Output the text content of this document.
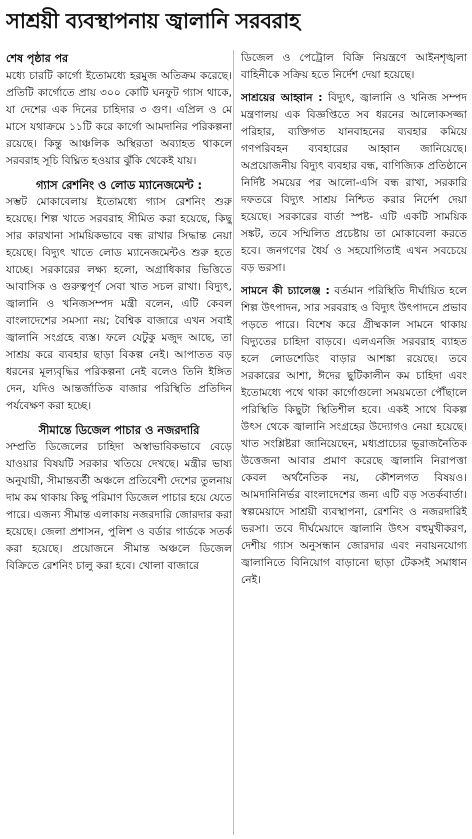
সাশ্রয়ী ব্যবস্থাপনায় জ্বালানি সরবরাহ

শেষ পৃষ্ঠার পর

মধ্যে চারটি কার্গো ইতোমধ্যে হরমুজ অতিক্রম করেছে। প্রতিটি কার্গোতে প্রায় ৩০০ কোটি ঘনফুট গ্যাস থাকে, যা দেশের এক দিনের চাহিদার ৩ গুণ। এপ্রিল ও মে মাসে যথাক্রমে ১১টি করে কার্গো আমদানির পরিকল্পনা রয়েছে। কিন্তু আঞ্চলিক অস্থিরতা অব্যাহত থাকলে সরবরাহ সূচি বিঘ্নিত হওয়ার ঝুঁকি থেকেই যায়।

গ্যাস রেশনিং ও লোড ম্যানেজমেন্ট :

সম্ভট মোকাবেলায় ইতোমধ্যে গ্যাস রেশনিং শুরু হয়েছে। শিল্প খাতে সরবরাহ সীমিত করা হয়েছে, কিছু সার কারখানা সাময়িকভাবে বন্ধ রাখার সিদ্ধান্ত নেয়া হয়েছে। বিদ্যুৎ খাতে লোড ম্যানেজমেন্টও শুরু হতে যাচ্ছে। সরকারের লক্ষ্য হলো, অগ্রাধিকার ভিত্তিতে আবাসিক ও গুরুত্বপূর্ণ সেবা খাত সচল রাখা। বিদ্যুৎ, জ্বালানি ও খনিজসম্পদ মন্ত্রী বলেন, এটি কেবল বাংলাদেশের সমস্যা নয়; বৈশ্বিক বাজারে এখন সবাই জ্বালানি সংগ্রহে ব্যস্ত। ফলে যেটুকু মজুদ আছে, তা সাশ্রয় করে ব্যবহার ছাড়া বিকল্প নেই। আপাতত বড় ধরনের মূল্যবৃদ্ধির পরিকল্পনা নেই বলেও তিনি ইঙ্গিত দেন, যদিও আন্তর্জাতিক বাজার পরিস্থিতি প্রতিদিন পর্যবেক্ষণ করা হচ্ছে।

সীমান্তে ডিজেল পাচার ও নজরদারি

সম্প্রতি ডিজেলের চাহিদা অস্বাভাবিকভাবে বেড়ে যাওয়ার বিষয়টি সরকার খতিয়ে দেখছে। মন্ত্রীর ভাষ্য অনুযায়ী, সীমান্তবর্তী অঞ্চলে প্রতিবেশী দেশের তুলনায় দাম কম থাকায় কিছু পরিমাণ ডিজেল পাচার হয়ে যেতে পারে। এজন্য সীমান্ত এলাকায় নজরদারি জোরদার করা হয়েছে। জেলা প্রশাসন, পুলিশ ও বর্ডার গার্ডকে সতর্ক করা হয়েছে। প্রয়োজনে সীমান্ত অঞ্চলে ডিজেল বিক্রিতে রেশনিং চালু করা হবে। খোলা বাজারে

ডিজেল ও পেট্রোল বিক্রি নিয়ন্ত্রণে আইনশৃঙ্খলা বাহিনীকে সক্রিয় হতে নির্দেশ দেয়া হয়েছে।

সাশ্রয়ের আহ্বান : বিদ্যুৎ, জ্বালানি ও খনিজ সম্পদ মন্ত্রণালয় এক বিজ্ঞপ্তিতে সব ধরনের আলোকসজ্জা পরিহার, ব্যক্তিগত যানবাহনের ব্যবহার কমিয়ে গণপরিবহন ব্যবহারের আহ্বান জানিয়েছে। অপ্রয়োজনীয় বিদ্যুৎ ব্যবহার বন্ধ, বাণিজ্যিক প্রতিষ্ঠানে নির্দিষ্ট সময়ের পর আলো-এসি বন্ধ রাখা, সরকারি দফতরে বিদ্যুৎ সাশ্রয় নিশ্চিত করার নির্দেশ দেয়া হয়েছে। সরকারের বার্তা স্পষ্ট- এটি একটি সাময়িক সঙ্কট, তবে সম্মিলিত প্রচেষ্টায় তা মোকাবেলা করতে হবে। জনগণের ধৈর্য ও সহযোগিতাই এখন সবচেয়ে বড় ভরসা।

সামনে কী চ্যালেঞ্জ : বর্তমান পরিস্থিতি দীর্ঘায়িত হলে শিল্প উৎপাদন, সার সরবরাহ ও বিদ্যুৎ উৎপাদনে প্রভাব পড়তে পারে। বিশেষ করে গ্রীষ্মকাল সামনে থাকায় বিদ্যুতের চাহিদা বাড়বে। এলএনজি সরবরাহ ব্যাহত হলে লোডশেডিং বাড়ার আশঙ্কা রয়েছে। তবে সরকারের আশা, ঈদের ছুটিকালীন কম চাহিদা এবং ইতোমধ্যে পথে থাকা কার্গোগুলো সময়মতো পৌঁছালে পরিস্থিতি কিছুটা স্থিতিশীল হবে। একই সাথে বিকল্প উৎস থেকে জ্বালানি সংগ্রহের উদ্যোগও নেয়া হয়েছে। খাত সংশ্লিষ্টরা জানিয়েছেন, মধ্যপ্রাচ্যের ভূরাজনৈতিক উত্তেজনা আবার প্রমাণ করেছে জ্বালানি নিরাপত্তা কেবল অর্থনৈতিক নয়, কৌশলগত বিষয়ও। আমদানিনির্ভর বাংলাদেশের জন্য এটি বড় সতর্কবার্তা। স্বল্পমেয়াদে সাশ্রয়ী ব্যবস্থাপনা, রেশনিং ও নজরদারিই ভরসা। তবে দীর্ঘমেয়াদে জ্বালানি উৎস বহুমুখীকরণ, দেশীয় গ্যাস অনুসন্ধান জোরদার এবং নবায়নযোগ্য জ্বালানিতে বিনিয়োগ বাড়ানো ছাড়া টেকসই সমাধান নেই।
